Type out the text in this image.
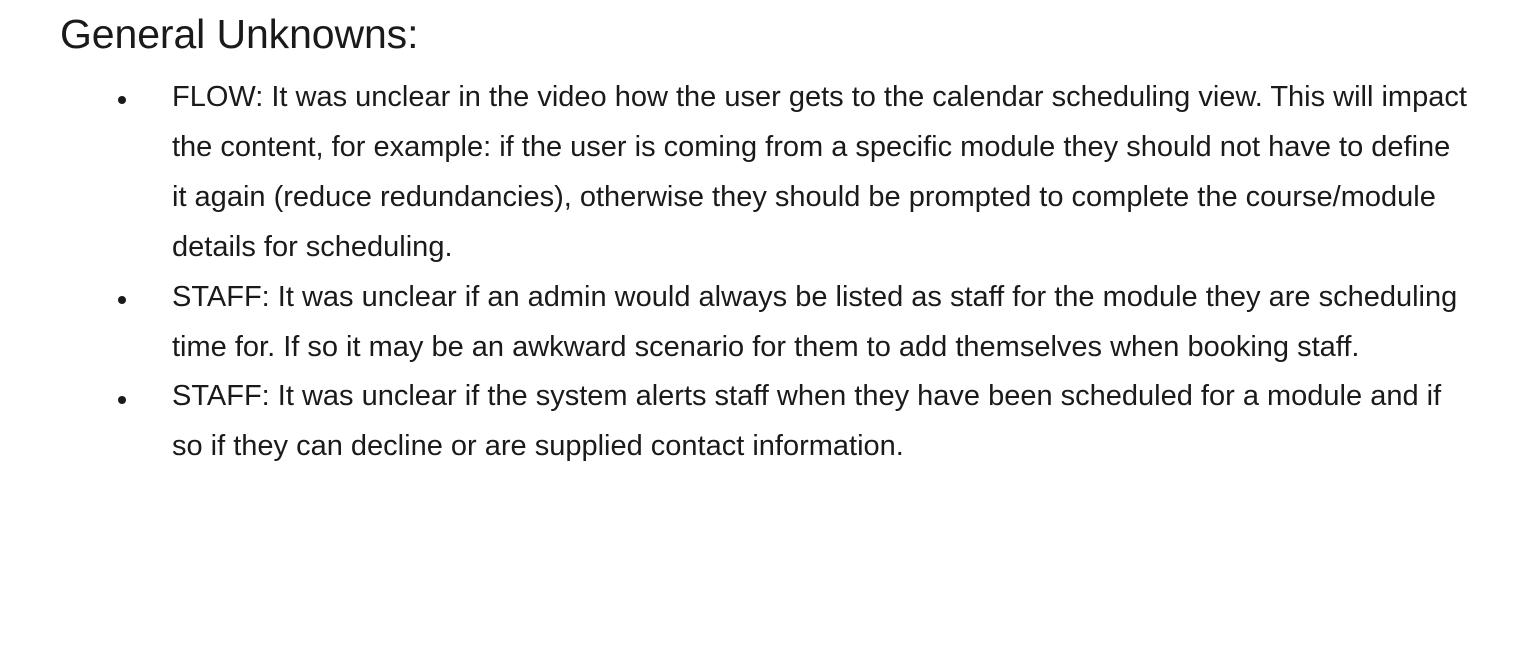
General Unknowns:
FLOW: It was unclear in the video how the user gets to the calendar scheduling view. This will impact the content, for example: if the user is coming from a specific module they should not have to define it again (reduce redundancies), otherwise they should be prompted to complete the course/module details for scheduling.
STAFF: It was unclear if an admin would always be listed as staff for the module they are scheduling time for. If so it may be an awkward scenario for them to add themselves when booking staff.
STAFF: It was unclear if the system alerts staff when they have been scheduled for a module and if so if they can decline or are supplied contact information.
